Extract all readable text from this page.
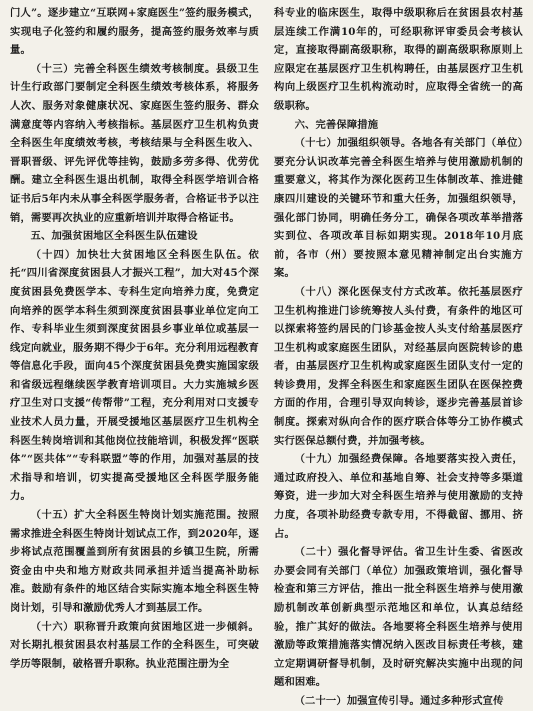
门人”。逐步建立“互联网+家庭医生”签约服务模式，实现电子化签约和履约服务，提高签约服务效率与质量。

（十三）完善全科医生绩效考核制度。县级卫生计生行政部门要制定全科医生绩效考核体系，将服务人次、服务对象健康状况、家庭医生签约服务、群众满意度等内容纳入考核指标。基层医疗卫生机构负责全科医生年度绩效考核，考核结果与全科医生收入、晋职晋级、评先评优等挂钩，鼓励多劳多得、优劳优酬。建立全科医生退出机制，取得全科医学培训合格证书后5年内未从事全科医学服务者，合格证书予以注销，需要再次执业的应重新培训并取得合格证书。

五、加强贫困地区全科医生队伍建设

（十四）加快壮大贫困地区全科医生队伍。依托“四川省深度贫困县人才振兴工程”，加大对45个深度贫困县免费医学本、专科生定向培养力度，免费定向培养的医学本科生须到深度贫困县事业单位定向工作、专科毕业生须到深度贫困县乡事业单位或基层一线定向就业，服务期不得少于6年。充分利用远程教育等信息化手段，面向45个深度贫困县免费实施国家级和省级远程继续医学教育培训项目。大力实施城乡医疗卫生对口支援“传帮带”工程，充分利用对口支援专业技术人员力量，开展受援地区基层医疗卫生机构全科医生转岗培训和其他岗位技能培训，积极发挥“医联体”“医共体”“专科联盟”等的作用，加强对基层的技术指导和培训，切实提高受援地区全科医学服务能力。

（十五）扩大全科医生特岗计划实施范围。按照需求推进全科医生特岗计划试点工作，到2020年，逐步将试点范围覆盖到所有贫困县的乡镇卫生院，所需资金由中央和地方财政共同承担并适当提高补助标准。鼓励有条件的地区结合实际实施本地全科医生特岗计划，引导和激励优秀人才到基层工作。

（十六）职称晋升政策向贫困地区进一步倾斜。对长期扎根贫困县农村基层工作的全科医生，可突破学历等限制，破格晋升职称。执业范围注册为全

科专业的临床医生，取得中级职称后在贫困县农村基层连续工作满10年的，可经职称评审委员会考核认定，直接取得副高级职称，取得的副高级职称原则上应限定在基层医疗卫生机构聘任，由基层医疗卫生机构向上级医疗卫生机构流动时，应取得全省统一的高级职称。

六、完善保障措施

（十七）加强组织领导。各地各有关部门（单位）要充分认识改革完善全科医生培养与使用激励机制的重要意义，将其作为深化医药卫生体制改革、推进健康四川建设的关键环节和重大任务，加强组织领导，强化部门协同，明确任务分工，确保各项改革举措落实到位、各项改革目标如期实现。2018年10月底前，各市（州）要按照本意见精神制定出台实施方案。

（十八）深化医保支付方式改革。依托基层医疗卫生机构推进门诊统筹按人头付费，有条件的地区可以探索将签约居民的门诊基金按人头支付给基层医疗卫生机构或家庭医生团队，对经基层向医院转诊的患者，由基层医疗卫生机构或家庭医生团队支付一定的转诊费用，发挥全科医生和家庭医生团队在医保控费方面的作用，合理引导双向转诊，逐步完善基层首诊制度。探索对纵向合作的医疗联合体等分工协作模式实行医保总额付费，并加强考核。

（十九）加强经费保障。各地要落实投入责任，通过政府投入、单位和基地自筹、社会支持等多渠道筹资，进一步加大对全科医生培养与使用激励的支持力度，各项补助经费专款专用，不得截留、挪用、挤占。

（二十）强化督导评估。省卫生计生委、省医改办要会同有关部门（单位）加强政策培训，强化督导检查和第三方评估，推出一批全科医生培养与使用激励机制改革创新典型示范地区和单位，认真总结经验，推广其好的做法。各地要将全科医生培养与使用激励等政策措施落实情况纳入医改目标责任考核，建立定期调研督导机制，及时研究解决实施中出现的问题和困难。

（二十一）加强宣传引导。通过多种形式宣传
